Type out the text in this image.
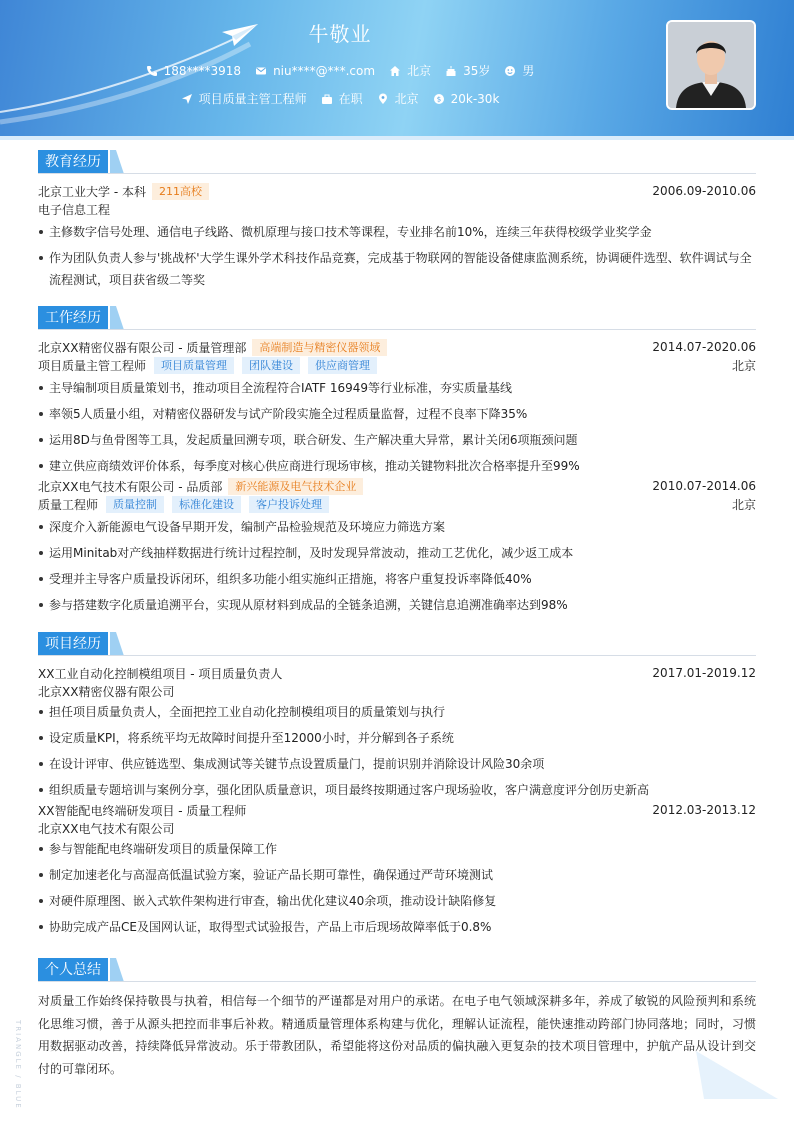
牛敬业
188****3918	niu****@***.com	北京	35岁	男
项目质量主管工程师	在职	北京	$ 20k-30k
教育经历
北京工业大学 - 本科	211高校	2006.09-2010.06
电子信息工程
主修数字信号处理、通信电子线路、微机原理与接口技术等课程，专业排名前10%，连续三年获得校级学业奖学金
作为团队负责人参与'挑战杯'大学生课外学术科技作品竞赛，完成基于物联网的智能设备健康监测系统，协调硬件选型、软件调试与全流程测试，项目获省级二等奖
工作经历
北京XX精密仪器有限公司 - 质量管理部	高端制造与精密仪器领域	2014.07-2020.06
项目质量主管工程师	项目质量管理	团队建设	供应商管理	北京
主导编制项目质量策划书，推动项目全流程符合IATF 16949等行业标准，夯实质量基线
率领5人质量小组，对精密仪器研发与试产阶段实施全过程质量监督，过程不良率下降35%
运用8D与鱼骨图等工具，发起质量回溯专项，联合研发、生产解决重大异常，累计关闭6项瓶颈问题
建立供应商绩效评价体系，每季度对核心供应商进行现场审核，推动关键物料批次合格率提升至99%
北京XX电气技术有限公司 - 品质部	新兴能源及电气技术企业	2010.07-2014.06
质量工程师	质量控制	标准化建设	客户投诉处理	北京
深度介入新能源电气设备早期开发，编制产品检验规范及环境应力筛选方案
运用Minitab对产线抽样数据进行统计过程控制，及时发现异常波动，推动工艺优化，减少返工成本
受理并主导客户质量投诉闭环，组织多功能小组实施纠正措施，将客户重复投诉率降低40%
参与搭建数字化质量追溯平台，实现从原材料到成品的全链条追溯，关键信息追溯准确率达到98%
项目经历
XX工业自动化控制模组项目 - 项目质量负责人	2017.01-2019.12
北京XX精密仪器有限公司
担任项目质量负责人，全面把控工业自动化控制模组项目的质量策划与执行
设定质量KPI，将系统平均无故障时间提升至12000小时，并分解到各子系统
在设计评审、供应链选型、集成测试等关键节点设置质量门，提前识别并消除设计风险30余项
组织质量专题培训与案例分享，强化团队质量意识，项目最终按期通过客户现场验收，客户满意度评分创历史新高
XX智能配电终端研发项目 - 质量工程师	2012.03-2013.12
北京XX电气技术有限公司
参与智能配电终端研发项目的质量保障工作
制定加速老化与高湿高低温试验方案，验证产品长期可靠性，确保通过严苛环境测试
对硬件原理图、嵌入式软件架构进行审查，输出优化建议40余项，推动设计缺陷修复
协助完成产品CE及国网认证，取得型式试验报告，产品上市后现场故障率低于0.8%
个人总结

对质量工作始终保持敬畏与执着，相信每一个细节的严谨都是对用户的承诺。在电子电气领域深耕多年，养成了敏锐的风险预判和系统化思维习惯，善于从源头把控而非事后补救。精通质量管理体系构建与优化，理解认证流程，能快速推动跨部门协同落地；同时，习惯用数据驱动改善，持续降低异常波动。乐于带教团队，希望能将这份对品质的偏执融入更复杂的技术项目管理中，护航产品从设计到交付的可靠闭环。

TRIANGLE / BLUE
